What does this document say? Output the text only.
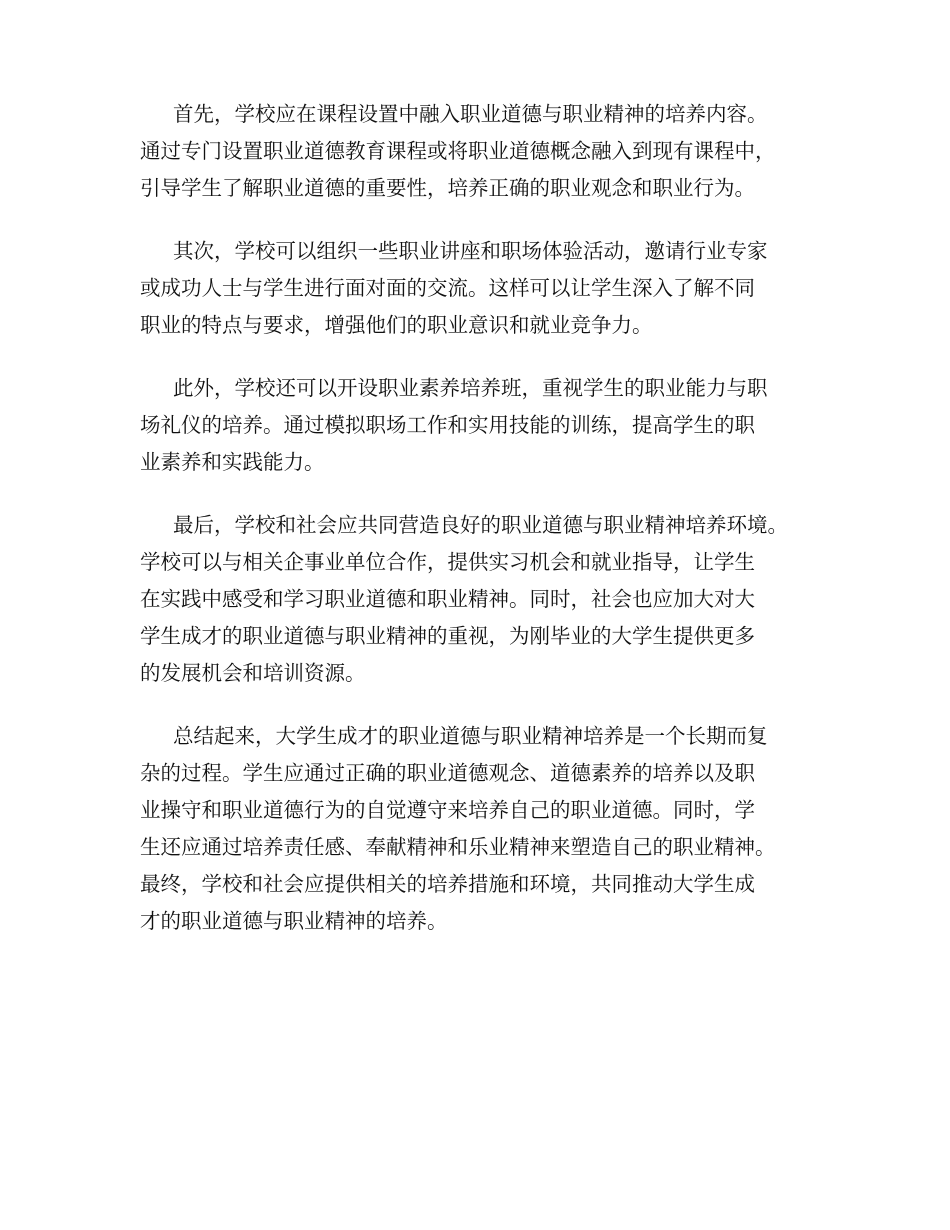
首先，学校应在课程设置中融入职业道德与职业精神的培养内容。
通过专门设置职业道德教育课程或将职业道德概念融入到现有课程中，
引导学生了解职业道德的重要性，培养正确的职业观念和职业行为。
其次，学校可以组织一些职业讲座和职场体验活动，邀请行业专家
或成功人士与学生进行面对面的交流。这样可以让学生深入了解不同
职业的特点与要求，增强他们的职业意识和就业竞争力。
此外，学校还可以开设职业素养培养班，重视学生的职业能力与职
场礼仪的培养。通过模拟职场工作和实用技能的训练，提高学生的职
业素养和实践能力。
最后，学校和社会应共同营造良好的职业道德与职业精神培养环境。
学校可以与相关企事业单位合作，提供实习机会和就业指导，让学生
在实践中感受和学习职业道德和职业精神。同时，社会也应加大对大
学生成才的职业道德与职业精神的重视，为刚毕业的大学生提供更多
的发展机会和培训资源。
总结起来，大学生成才的职业道德与职业精神培养是一个长期而复
杂的过程。学生应通过正确的职业道德观念、道德素养的培养以及职
业操守和职业道德行为的自觉遵守来培养自己的职业道德。同时，学
生还应通过培养责任感、奉献精神和乐业精神来塑造自己的职业精神。
最终，学校和社会应提供相关的培养措施和环境，共同推动大学生成
才的职业道德与职业精神的培养。
